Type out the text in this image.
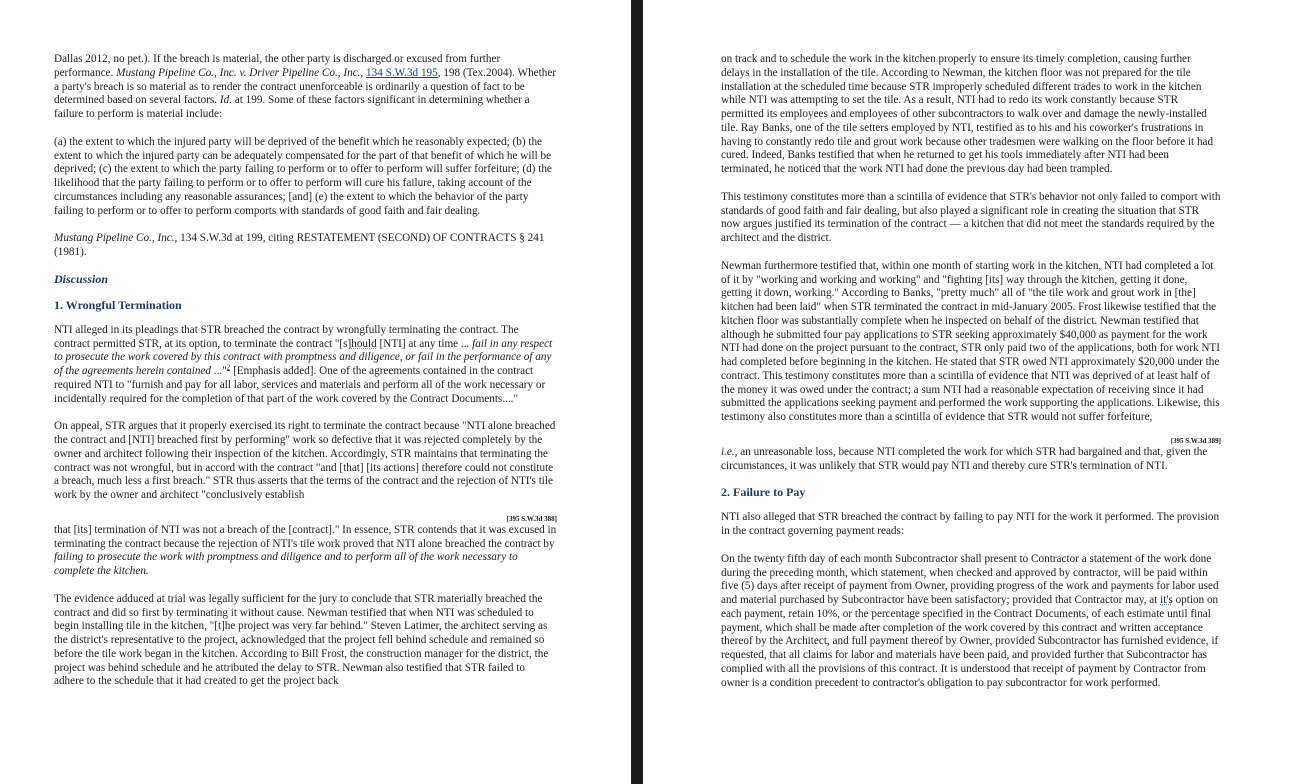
Dallas 2012, no pet.). If the breach is material, the other party is discharged or excused from further performance. Mustang Pipeline Co., Inc. v. Driver Pipeline Co., Inc., 134 S.W.3d 195, 198 (Tex.2004). Whether a party's breach is so material as to render the contract unenforceable is ordinarily a question of fact to be determined based on several factors. Id. at 199. Some of these factors significant in determining whether a failure to perform is material include:

(a) the extent to which the injured party will be deprived of the benefit which he reasonably expected; (b) the extent to which the injured party can be adequately compensated for the part of that benefit of which he will be deprived; (c) the extent to which the party failing to perform or to offer to perform will suffer forfeiture; (d) the likelihood that the party failing to perform or to offer to perform will cure his failure, taking account of the circumstances including any reasonable assurances; [and] (e) the extent to which the behavior of the party failing to perform or to offer to perform comports with standards of good faith and fair dealing.

Mustang Pipeline Co., Inc., 134 S.W.3d at 199, citing RESTATEMENT (SECOND) OF CONTRACTS § 241 (1981).

Discussion
1. Wrongful Termination

NTI alleged in its pleadings that STR breached the contract by wrongfully terminating the contract. The contract permitted STR, at its option, to terminate the contract "[s]hould [NTI] at any time ... fail in any respect to prosecute the work covered by this contract with promptness and diligence, or fail in the performance of any of the agreements herein contained ..."$^2$ [Emphasis added]. One of the agreements contained in the contract required NTI to "furnish and pay for all labor, services and materials and perform all of the work necessary or incidentally required for the completion of that part of the work covered by the Contract Documents...."

On appeal, STR argues that it properly exercised its right to terminate the contract because "NTI alone breached the contract and [NTI] breached first by performing" work so defective that it was rejected completely by the owner and architect following their inspection of the kitchen. Accordingly, STR maintains that terminating the contract was not wrongful, but in accord with the contract "and [that] [its actions] therefore could not constitute a breach, much less a first breach." STR thus asserts that the terms of the contract and the rejection of NTI's tile work by the owner and architect "conclusively establish

[395 S.W.3d 388]

that [its] termination of NTI was not a breach of the [contract]." In essence, STR contends that it was excused in terminating the contract because the rejection of NTI's tile work proved that NTI alone breached the contract by failing to prosecute the work with promptness and diligence and to perform all of the work necessary to complete the kitchen.

The evidence adduced at trial was legally sufficient for the jury to conclude that STR materially breached the contract and did so first by terminating it without cause. Newman testified that when NTI was scheduled to begin installing tile in the kitchen, "[t]he project was very far behind." Steven Latimer, the architect serving as the district's representative to the project, acknowledged that the project fell behind schedule and remained so before the tile work began in the kitchen. According to Bill Frost, the construction manager for the district, the project was behind schedule and he attributed the delay to STR. Newman also testified that STR failed to adhere to the schedule that it had created to get the project back

on track and to schedule the work in the kitchen properly to ensure its timely completion, causing further delays in the installation of the tile. According to Newman, the kitchen floor was not prepared for the tile installation at the scheduled time because STR improperly scheduled different trades to work in the kitchen while NTI was attempting to set the tile. As a result, NTI had to redo its work constantly because STR permitted its employees and employees of other subcontractors to walk over and damage the newly-installed tile. Ray Banks, one of the tile setters employed by NTI, testified as to his and his coworker's frustrations in having to constantly redo tile and grout work because other tradesmen were walking on the floor before it had cured. Indeed, Banks testified that when he returned to get his tools immediately after NTI had been terminated, he noticed that the work NTI had done the previous day had been trampled.

This testimony constitutes more than a scintilla of evidence that STR's behavior not only failed to comport with standards of good faith and fair dealing, but also played a significant role in creating the situation that STR now argues justified its termination of the contract — a kitchen that did not meet the standards required by the architect and the district.

Newman furthermore testified that, within one month of starting work in the kitchen, NTI had completed a lot of it by "working and working and working" and "fighting [its] way through the kitchen, getting it done, getting it down, working." According to Banks, "pretty much" all of "the tile work and grout work in [the] kitchen had been laid" when STR terminated the contract in mid-January 2005. Frost likewise testified that the kitchen floor was substantially complete when he inspected on behalf of the district. Newman testified that although he submitted four pay applications to STR seeking approximately $40,000 as payment for the work NTI had done on the project pursuant to the contract, STR only paid two of the applications, both for work NTI had completed before beginning in the kitchen. He stated that STR owed NTI approximately $20,000 under the contract. This testimony constitutes more than a scintilla of evidence that NTI was deprived of at least half of the money it was owed under the contract; a sum NTI had a reasonable expectation of receiving since it had submitted the applications seeking payment and performed the work supporting the applications. Likewise, this testimony also constitutes more than a scintilla of evidence that STR would not suffer forfeiture,

[395 S.W.3d 389]

i.e., an unreasonable loss, because NTI completed the work for which STR had bargained and that, given the circumstances, it was unlikely that STR would pay NTI and thereby cure STR's termination of NTI.

2. Failure to Pay

NTI also alleged that STR breached the contract by failing to pay NTI for the work it performed. The provision in the contract governing payment reads:

On the twenty fifth day of each month Subcontractor shall present to Contractor a statement of the work done during the preceding month, which statement, when checked and approved by contractor, will be paid within five (5) days after receipt of payment from Owner, providing progress of the work and payments for labor used and material purchased by Subcontractor have been satisfactory; provided that Contractor may, at it's option on each payment, retain 10%, or the percentage specified in the Contract Documents, of each estimate until final payment, which shall be made after completion of the work covered by this contract and written acceptance thereof by the Architect, and full payment thereof by Owner, provided Subcontractor has furnished evidence, if requested, that all claims for labor and materials have been paid, and provided further that Subcontractor has complied with all the provisions of this contract. It is understood that receipt of payment by Contractor from owner is a condition precedent to contractor's obligation to pay subcontractor for work performed.
